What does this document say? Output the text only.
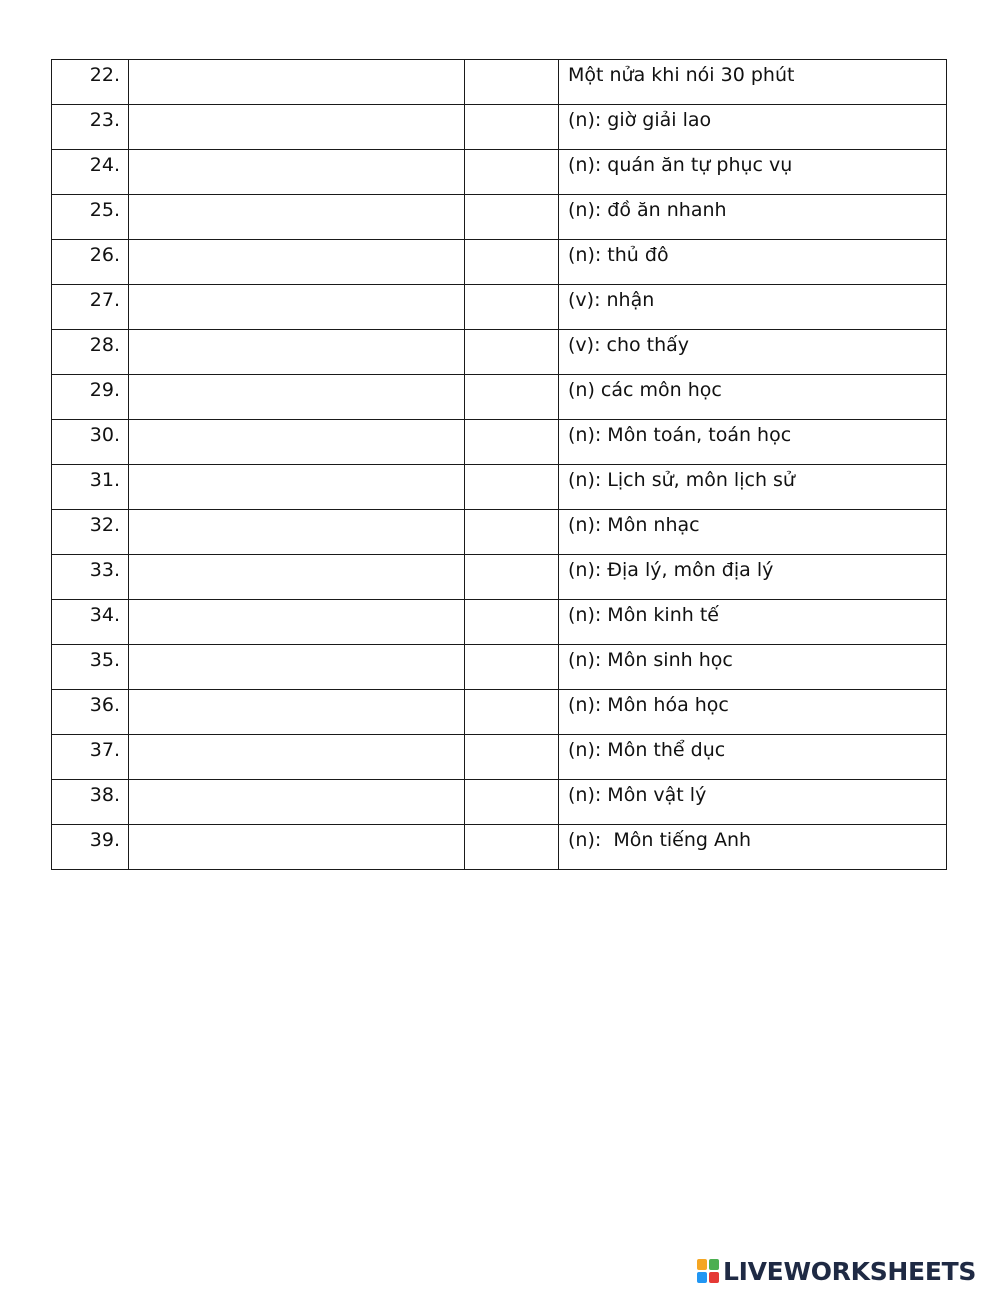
22.			Một nửa khi nói 30 phút
23.			(n): giờ giải lao
24.			(n): quán ăn tự phục vụ
25.			(n): đồ ăn nhanh
26.			(n): thủ đô
27.			(v): nhận
28.			(v): cho thấy
29.			(n) các môn học
30.			(n): Môn toán, toán học
31.			(n): Lịch sử, môn lịch sử
32.			(n): Môn nhạc
33.			(n): Địa lý, môn địa lý
34.			(n): Môn kinh tế
35.			(n): Môn sinh học
36.			(n): Môn hóa học
37.			(n): Môn thể dục
38.			(n): Môn vật lý
39.			(n):  Môn tiếng Anh
LIVEWORKSHEETS
